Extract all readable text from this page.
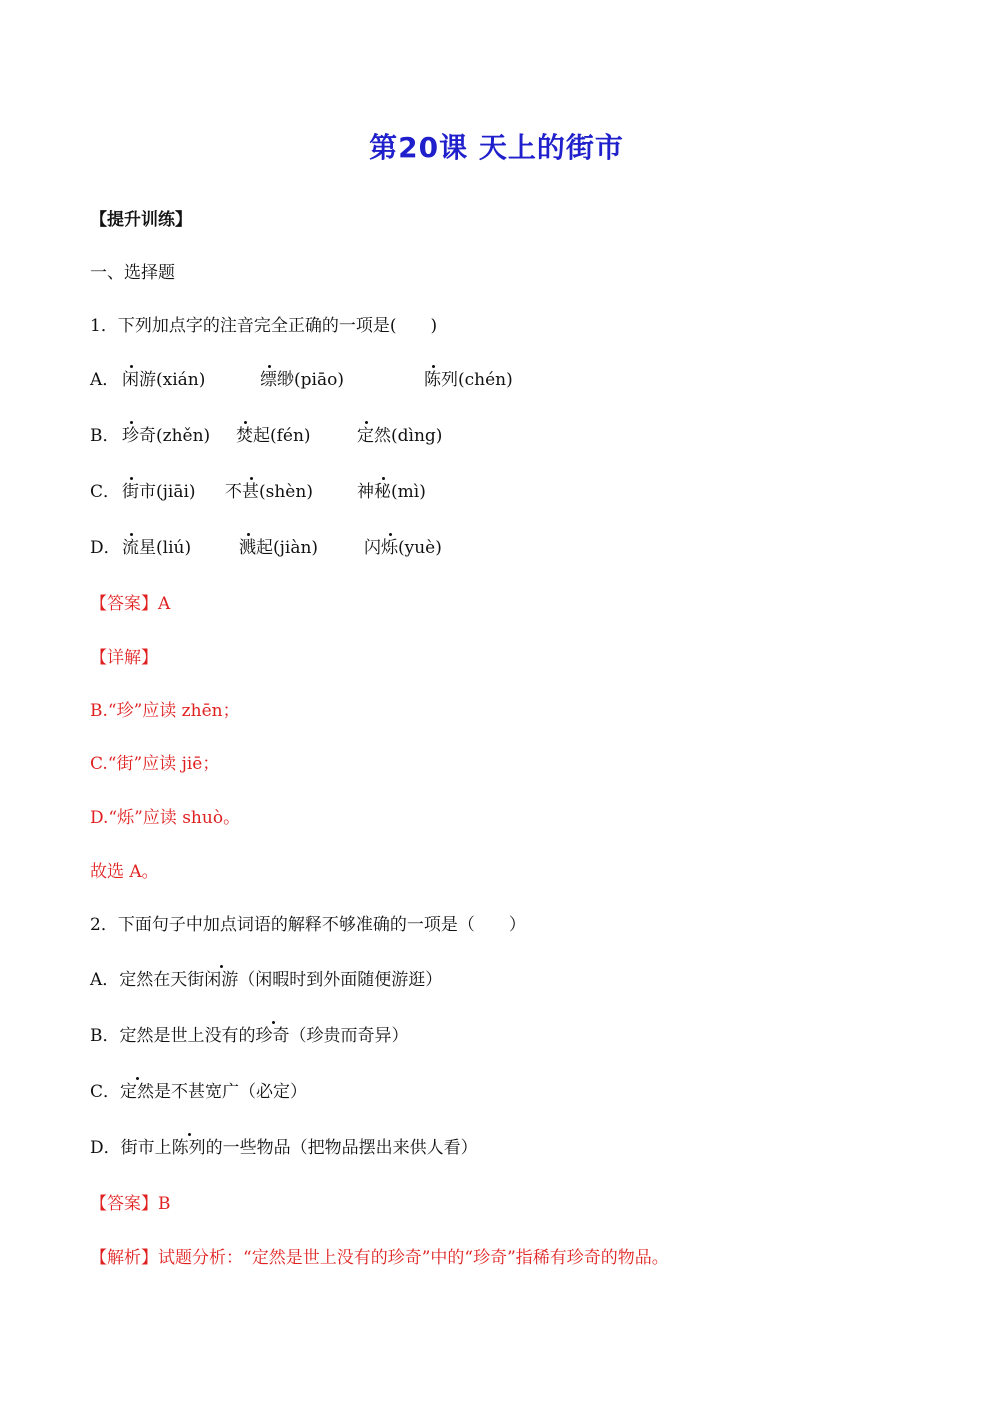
第20课 天上的街市
【提升训练】
一、选择题
1．下列加点字的注音完全正确的一项是(　　)
A． 闲游(xián)	缥缈(piāo)	陈列(chén)
B． 珍奇(zhěn) 焚起(fén)	定然(dìng)
C． 街市(jiāi) 不甚(shèn)	神秘(mì)
D． 流星(liú)	溅起(jiàn)	闪烁(yuè)
【答案】A
【详解】
B.“珍”应读 zhēn；
C.“街”应读 jiē；
D.“烁”应读 shuò。
故选 A。
2．下面句子中加点词语的解释不够准确的一项是（　　）
A．定然在天街闲游（闲暇时到外面随便游逛）
B．定然是世上没有的珍奇（珍贵而奇异）
C．定然是不甚宽广（必定）
D．街市上陈列的一些物品（把物品摆出来供人看）
【答案】B
【解析】试题分析：“定然是世上没有的珍奇”中的“珍奇”指稀有珍奇的物品。
